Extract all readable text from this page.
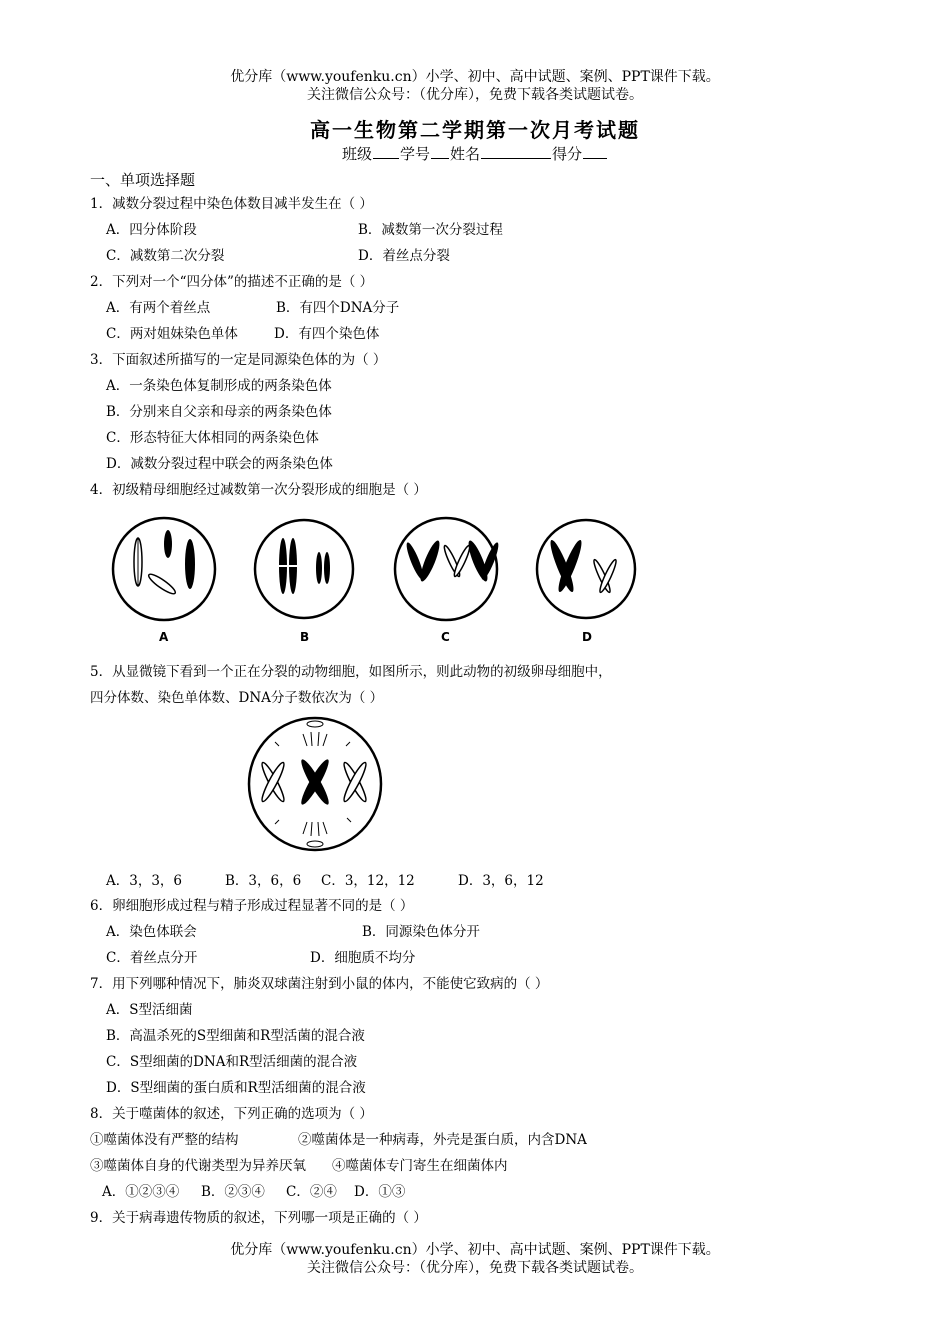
优分库（www.youfenku.cn）小学、初中、高中试题、案例、PPT课件下载。
关注微信公众号：（优分库），免费下载各类试题试卷。
高一生物第二学期第一次月考试题
班级 学号 姓名	得分
一、单项选择题
1．减数分裂过程中染色体数目减半发生在（ ）
A．四分体阶段	B．减数第一次分裂过程
C．减数第二次分裂	D．着丝点分裂
2．下列对一个“四分体”的描述不正确的是（ ）
A．有两个着丝点	B．有四个DNA分子
C．两对姐妹染色单体	D．有四个染色体
3．下面叙述所描写的一定是同源染色体的为（ ）
A．一条染色体复制形成的两条染色体
B．分别来自父亲和母亲的两条染色体
C．形态特征大体相同的两条染色体
D．减数分裂过程中联会的两条染色体
4．初级精母细胞经过减数第一次分裂形成的细胞是（ ）
A	B	C	D
5．从显微镜下看到一个正在分裂的动物细胞，如图所示，则此动物的初级卵母细胞中，
四分体数、染色单体数、DNA分子数依次为（ ）
A．3，3，6	B．3，6，6 C．3，12，12	D．3，6，12
6．卵细胞形成过程与精子形成过程显著不同的是（ ）
A．染色体联会	B．同源染色体分开
C．着丝点分开	D．细胞质不均分
7．用下列哪种情况下，肺炎双球菌注射到小鼠的体内，不能使它致病的（ ）
A．S型活细菌
B．高温杀死的S型细菌和R型活菌的混合液
C．S型细菌的DNA和R型活细菌的混合液
D．S型细菌的蛋白质和R型活细菌的混合液
8．关于噬菌体的叙述，下列正确的选项为（ ）
①噬菌体没有严整的结构	②噬菌体是一种病毒，外壳是蛋白质，内含DNA
③噬菌体自身的代谢类型为异养厌氧 ④噬菌体专门寄生在细菌体内
A．①②③④ B．②③④ C．②④ D．①③
9．关于病毒遗传物质的叙述，下列哪一项是正确的（ ）
优分库（www.youfenku.cn）小学、初中、高中试题、案例、PPT课件下载。
关注微信公众号：（优分库），免费下载各类试题试卷。
